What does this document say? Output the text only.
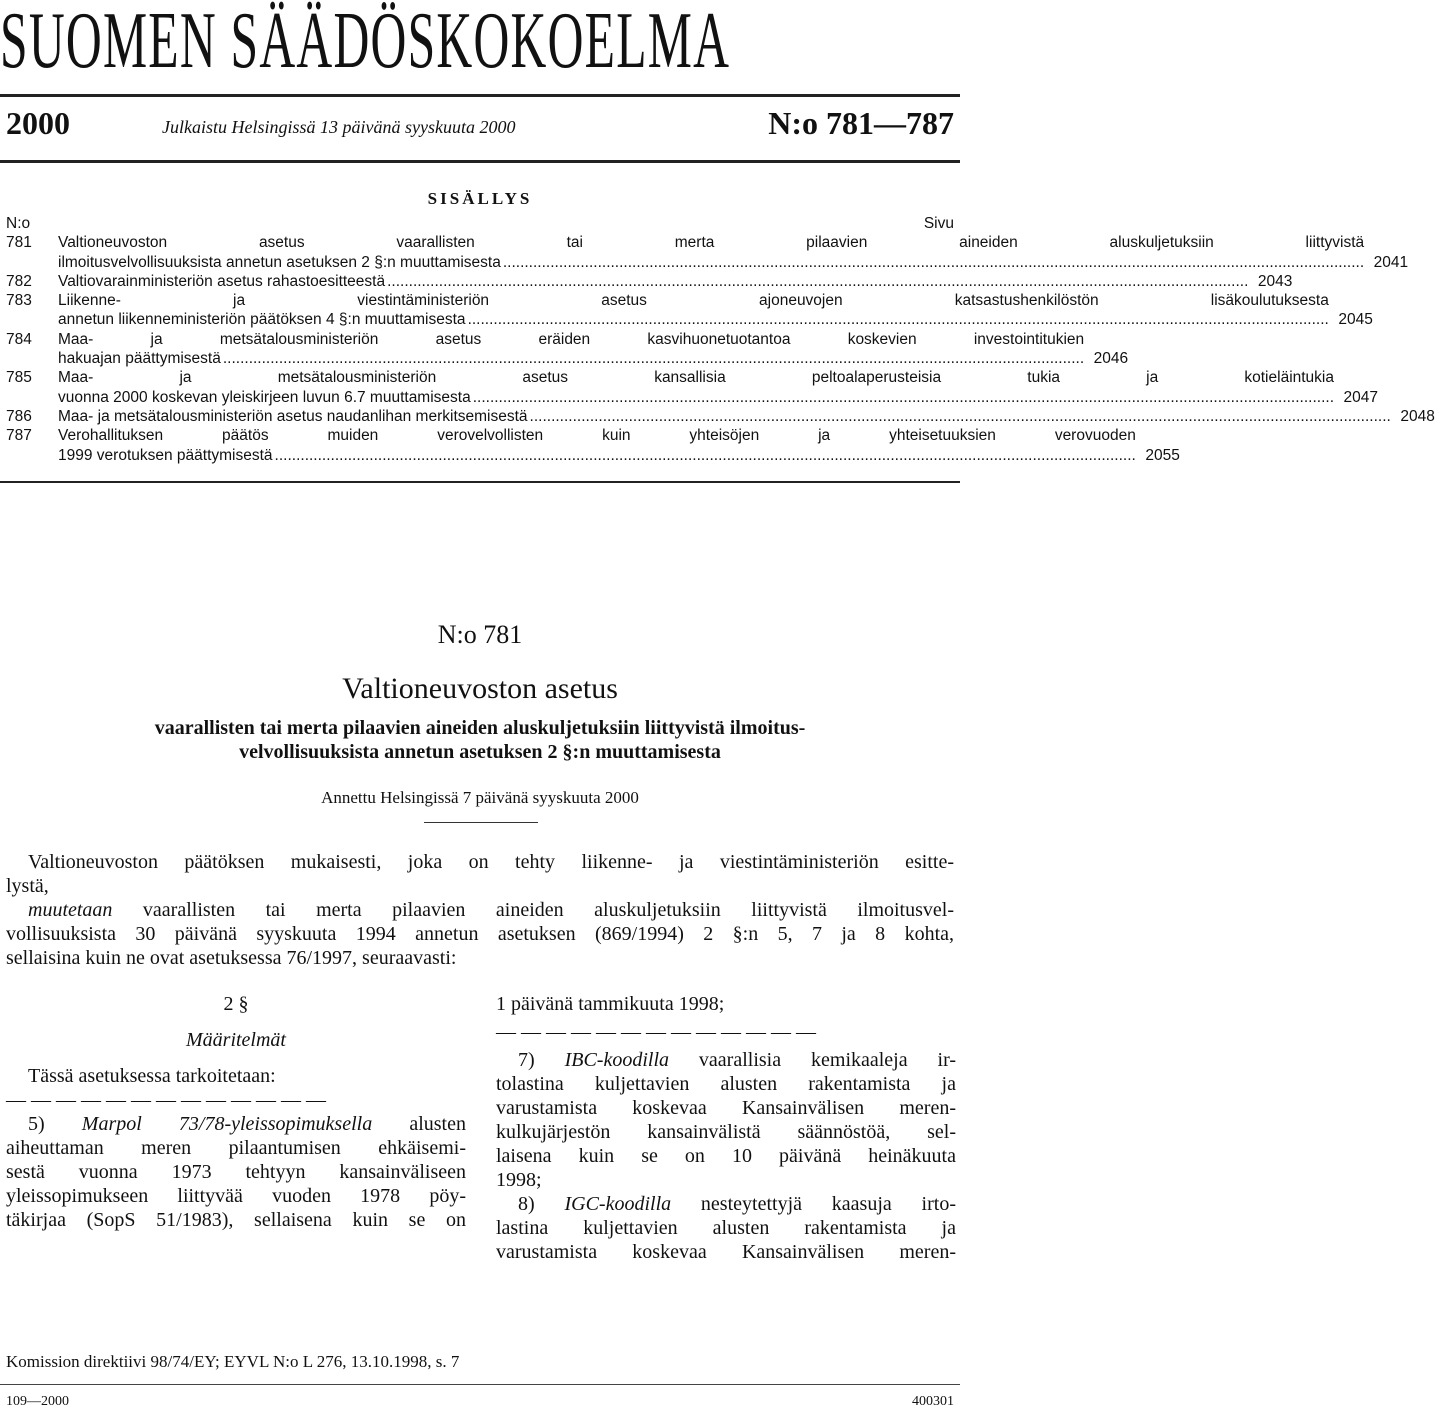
SUOMEN SÄÄDÖSKOKOELMA
2000	Julkaistu Helsingissä 13 päivänä syyskuuta 2000	N:o 781—787
SISÄLLYS
N:o	Sivu
781	Valtioneuvoston asetus vaarallisten tai merta pilaavien aineiden aluskuljetuksiin liittyvistä
ilmoitusvelvollisuuksista annetun asetuksen 2 §:n muuttamisesta ........................................................................................................................................................................................................ 2041
782	Valtiovarainministeriön asetus rahastoesitteestä ........................................................................................................................................................................................................ 2043
783	Liikenne- ja viestintäministeriön asetus ajoneuvojen katsastushenkilöstön lisäkoulutuksesta
annetun liikenneministeriön päätöksen 4 §:n muuttamisesta ........................................................................................................................................................................................................ 2045
784	Maa- ja metsätalousministeriön asetus eräiden kasvihuonetuotantoa koskevien investointitukien
hakuajan päättymisestä ........................................................................................................................................................................................................ 2046
785	Maa- ja metsätalousministeriön asetus kansallisia peltoalaperusteisia tukia ja kotieläintukia
vuonna 2000 koskevan yleiskirjeen luvun 6.7 muuttamisesta ........................................................................................................................................................................................................ 2047
786	Maa- ja metsätalousministeriön asetus naudanlihan merkitsemisestä ........................................................................................................................................................................................................ 2048
787	Verohallituksen päätös muiden verovelvollisten kuin yhteisöjen ja yhteisetuuksien verovuoden
1999 verotuksen päättymisestä ........................................................................................................................................................................................................ 2055
N:o 781
Valtioneuvoston asetus
vaarallisten tai merta pilaavien aineiden aluskuljetuksiin liittyvistä ilmoitus-
velvollisuuksista annetun asetuksen 2 §:n muuttamisesta
Annettu Helsingissä 7 päivänä syyskuuta 2000
Valtioneuvoston päätöksen mukaisesti, joka on tehty liikenne- ja viestintäministeriön esitte-
lystä,
muutetaan vaarallisten tai merta pilaavien aineiden aluskuljetuksiin liittyvistä ilmoitusvel-
vollisuuksista 30 päivänä syyskuuta 1994 annetun asetuksen (869/1994) 2 §:n 5, 7 ja 8 kohta,
sellaisina kuin ne ovat asetuksessa 76/1997, seuraavasti:
2 §
Määritelmät
Tässä asetuksessa tarkoitetaan:
— — — — — — — — — — — — —
5) Marpol 73/78-yleissopimuksella alusten
aiheuttaman meren pilaantumisen ehkäisemi-
sestä vuonna 1973 tehtyyn kansainväliseen
yleissopimukseen liittyvää vuoden 1978 pöy-
täkirjaa (SopS 51/1983), sellaisena kuin se on
1 päivänä tammikuuta 1998;
— — — — — — — — — — — — —
7) IBC-koodilla vaarallisia kemikaaleja ir-
tolastina kuljettavien alusten rakentamista ja
varustamista koskevaa Kansainvälisen meren-
kulkujärjestön kansainvälistä säännöstöä, sel-
laisena kuin se on 10 päivänä heinäkuuta
1998;
8) IGC-koodilla nesteytettyjä kaasuja irto-
lastina kuljettavien alusten rakentamista ja
varustamista koskevaa Kansainvälisen meren-
Komission direktiivi 98/74/EY; EYVL N:o L 276, 13.10.1998, s. 7
109—2000	400301
